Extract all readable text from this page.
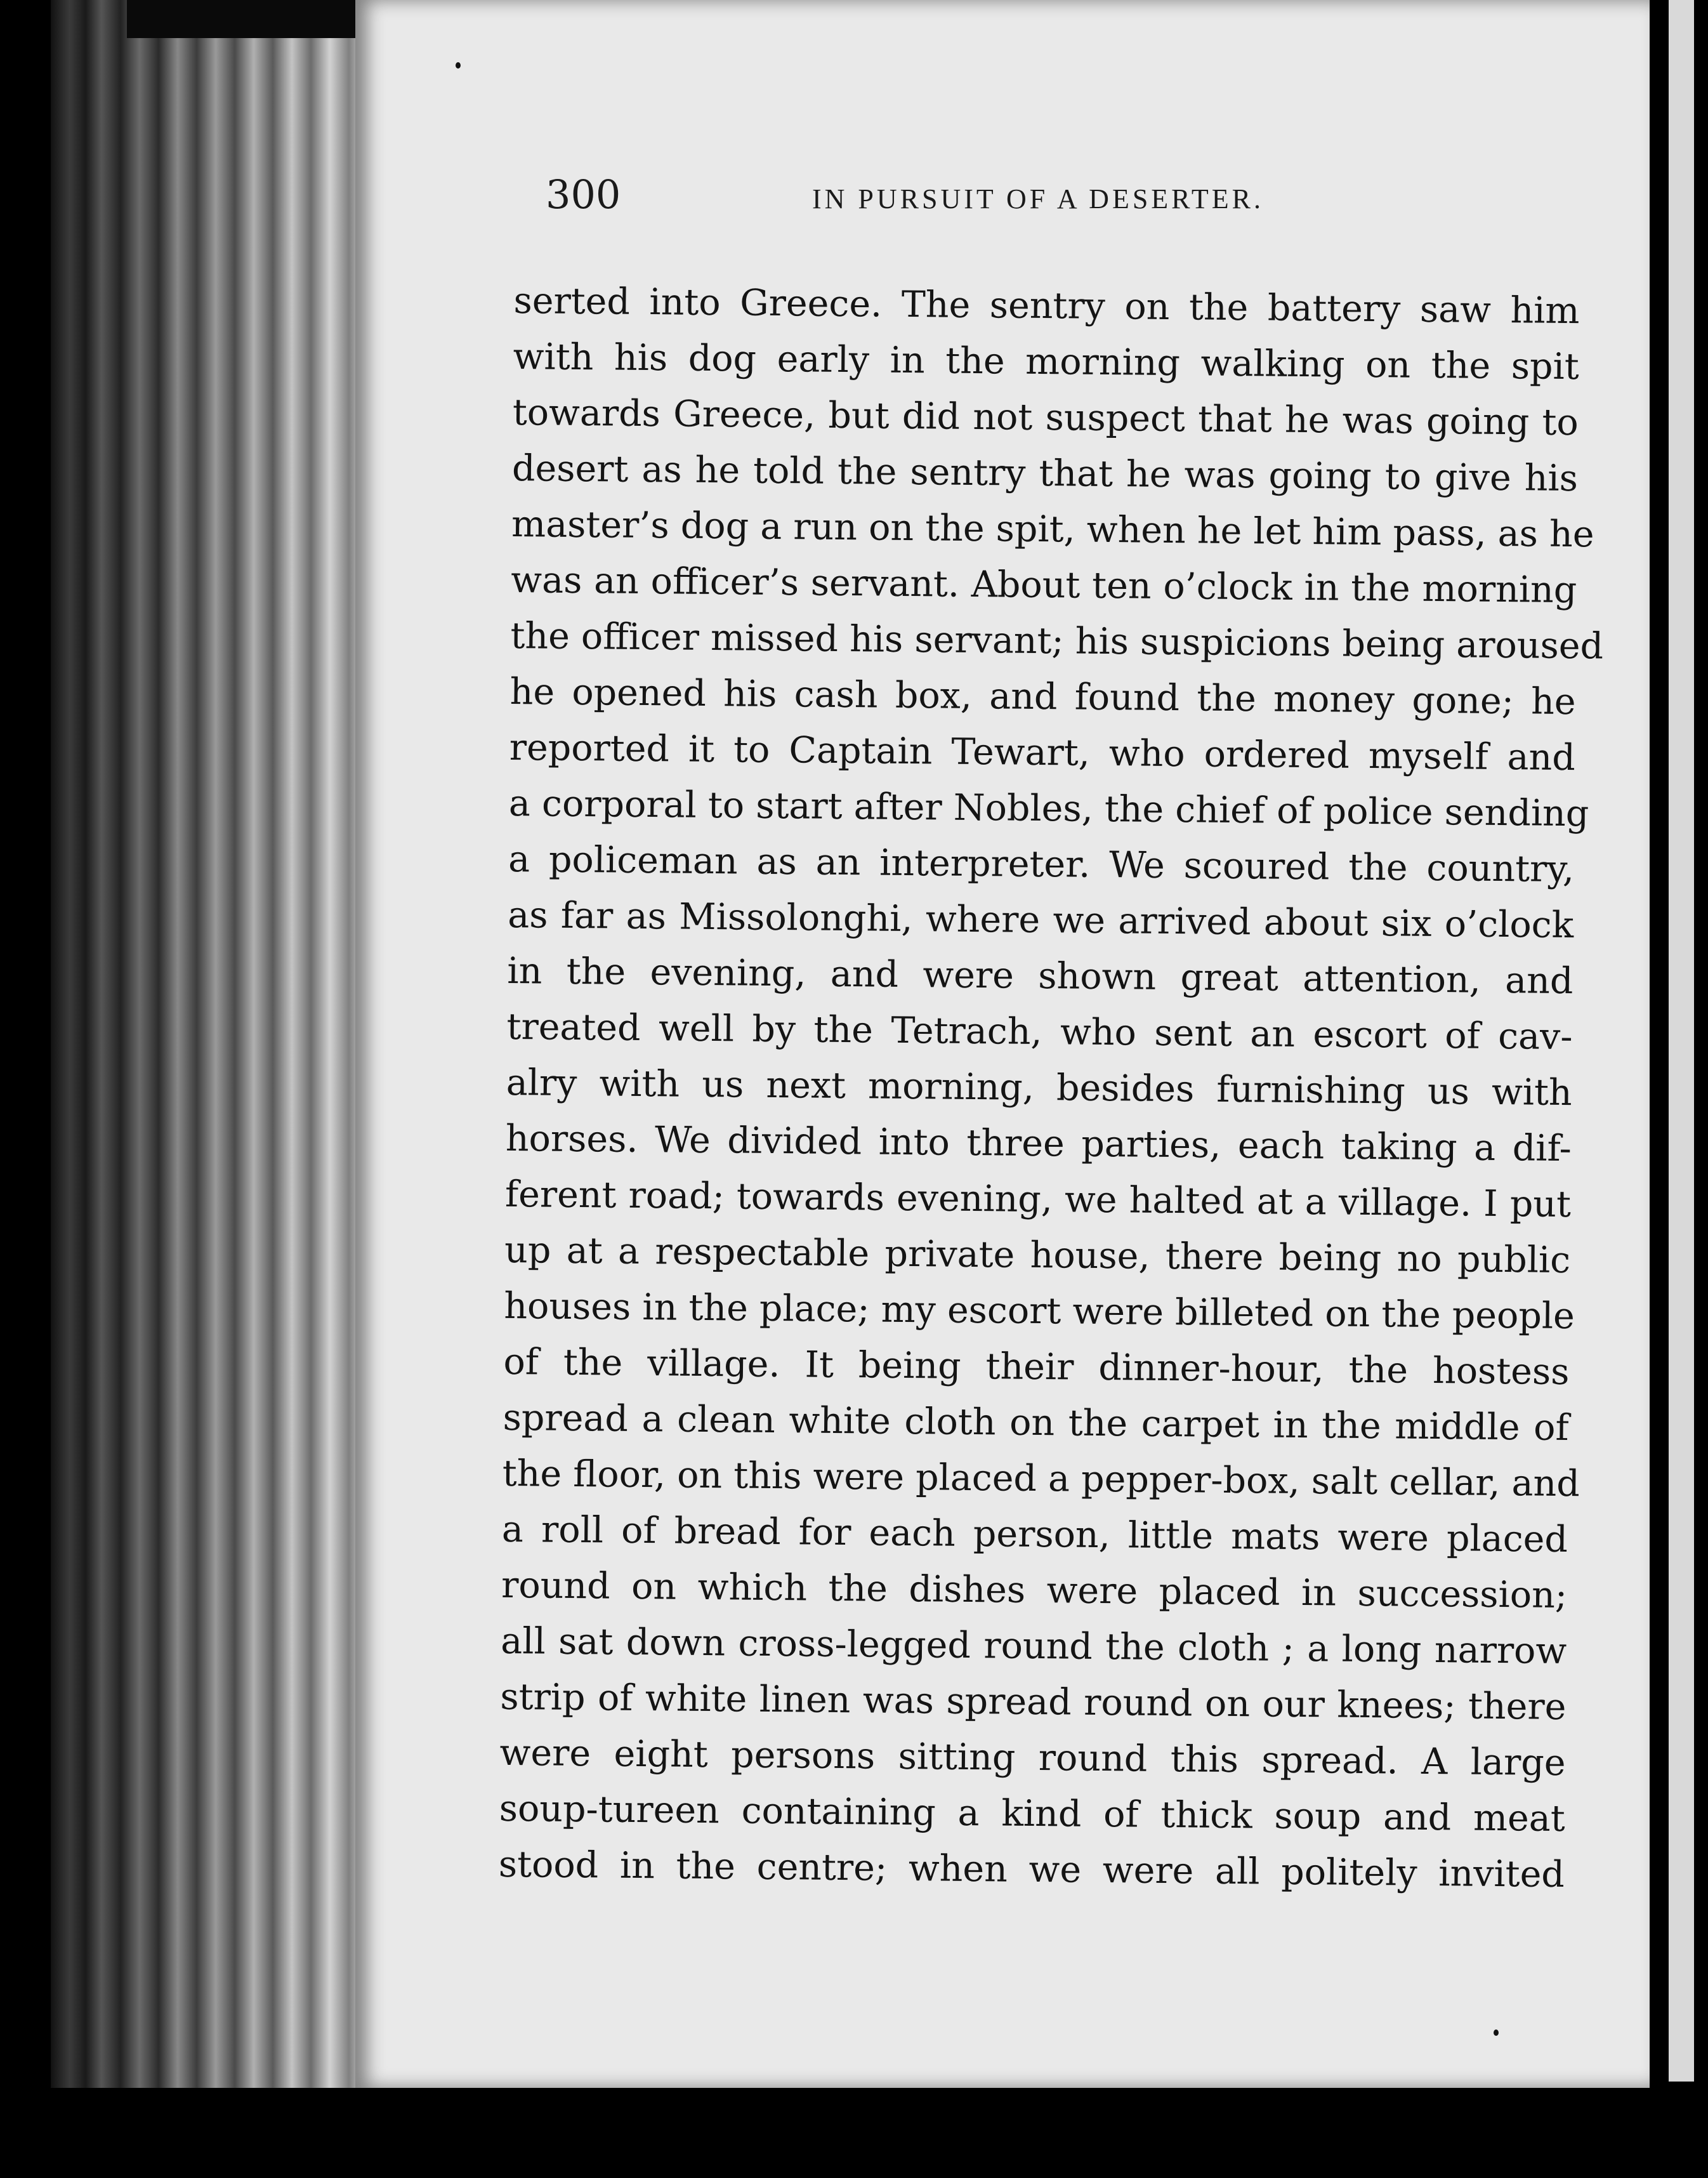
300	IN PURSUIT OF A DESERTER.
serted into Greece. The sentry on the battery saw him
with his dog early in the morning walking on the spit
towards Greece, but did not suspect that he was going to
desert as he told the sentry that he was going to give his
master’s dog a run on the spit, when he let him pass, as he
was an officer’s servant. About ten o’clock in the morning
the officer missed his servant; his suspicions being aroused
he opened his cash box, and found the money gone; he
reported it to Captain Tewart, who ordered myself and
a corporal to start after Nobles, the chief of police sending
a policeman as an interpreter. We scoured the country,
as far as Missolonghi, where we arrived about six o’clock
in the evening, and were shown great attention, and
treated well by the Tetrach, who sent an escort of cav-
alry with us next morning, besides furnishing us with
horses. We divided into three parties, each taking a dif-
ferent road; towards evening, we halted at a village. I put
up at a respectable private house, there being no public
houses in the place; my escort were billeted on the people
of the village. It being their dinner-hour, the hostess
spread a clean white cloth on the carpet in the middle of
the floor, on this were placed a pepper-box, salt cellar, and
a roll of bread for each person, little mats were placed
round on which the dishes were placed in succession;
all sat down cross-legged round the cloth ; a long narrow
strip of white linen was spread round on our knees; there
were eight persons sitting round this spread. A large
soup-tureen containing a kind of thick soup and meat
stood in the centre; when we were all politely invited
